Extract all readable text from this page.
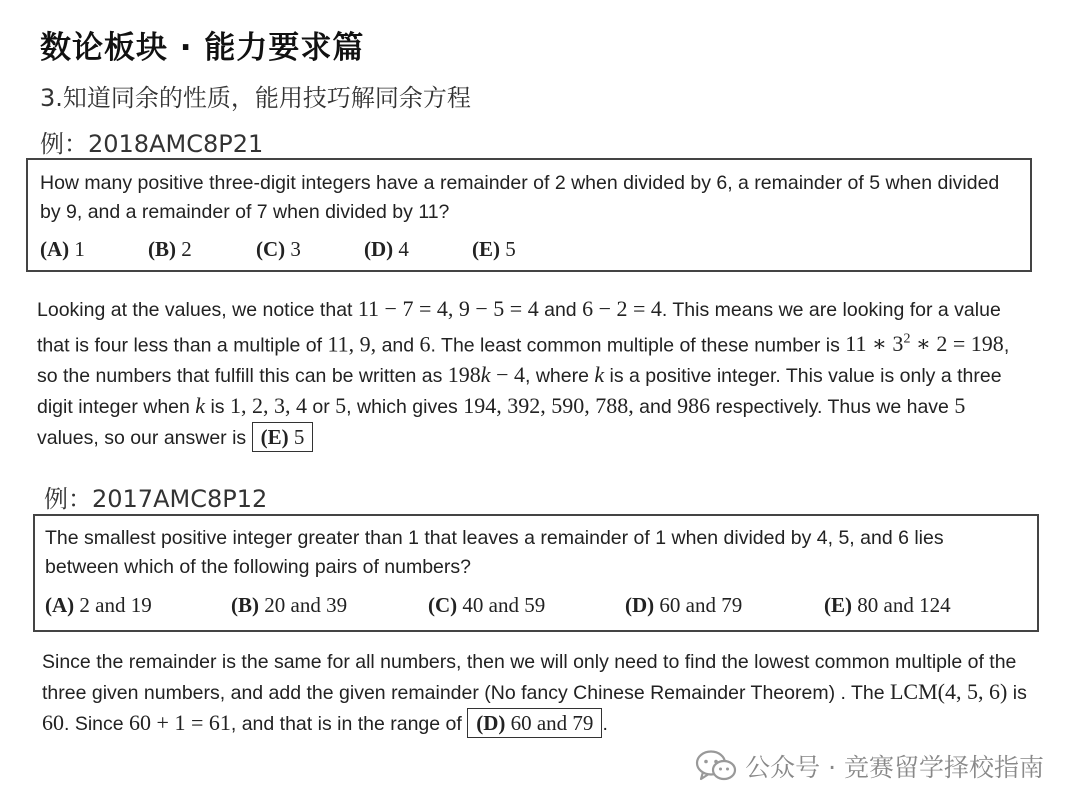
数论板块 · 能力要求篇
3.知道同余的性质，能用技巧解同余方程
例：2018AMC8P21
How many positive three-digit integers have a remainder of 2 when divided by 6, a remainder of 5 when divided by 9, and a remainder of 7 when divided by 11?
(A) 1	(B) 2	(C) 3	(D) 4	(E) 5
Looking at the values, we notice that 11 − 7 = 4, 9 − 5 = 4 and 6 − 2 = 4. This means we are looking for a value that is four less than a multiple of 11, 9, and 6. The least common multiple of these number is 11 ∗ $3^2$ ∗ 2 = 198, so the numbers that fulfill this can be written as 198k − 4, where k is a positive integer. This value is only a three digit integer when k is 1, 2, 3, 4 or 5, which gives 194, 392, 590, 788, and 986 respectively. Thus we have 5 values, so our answer is (E) 5
例：2017AMC8P12
The smallest positive integer greater than 1 that leaves a remainder of 1 when divided by 4, 5, and 6 lies between which of the following pairs of numbers?
(A) 2 and 19	(B) 20 and 39	(C) 40 and 59	(D) 60 and 79	(E) 80 and 124
Since the remainder is the same for all numbers, then we will only need to find the lowest common multiple of the three given numbers, and add the given remainder (No fancy Chinese Remainder Theorem) . The LCM(4, 5, 6) is 60. Since 60 + 1 = 61, and that is in the range of (D) 60 and 79 .
公众号 · 竞赛留学择校指南
